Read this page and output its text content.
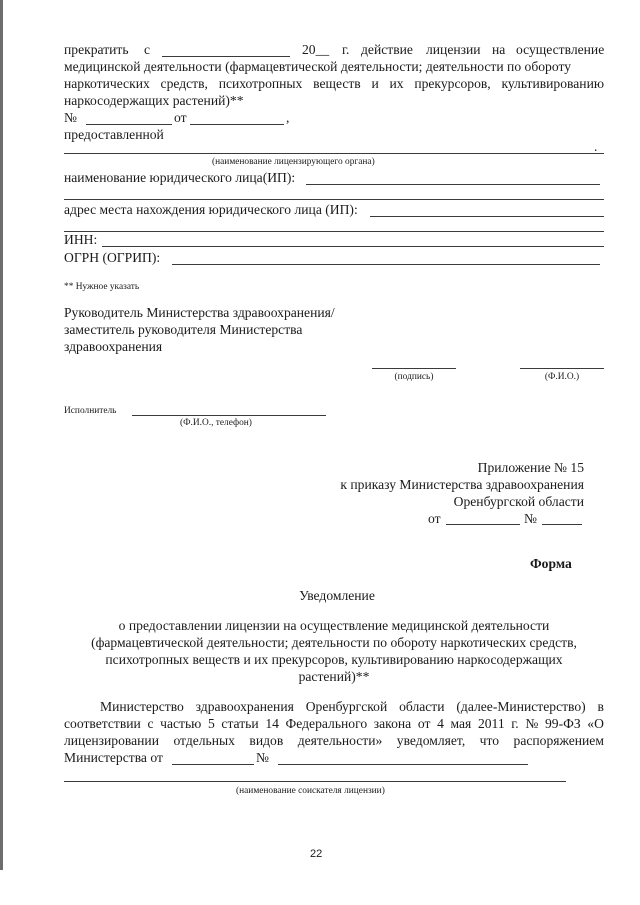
прекратить с	20__ г. действие лицензии на осуществление
медицинской деятельности (фармацевтической деятельности; деятельности по обороту
наркотических средств, психотропных веществ и их прекурсоров, культивированию
наркосодержащих растений)**
№	от	,
предоставленной
.
(наименование лицензирующего органа)
наименование юридического лица(ИП):
адрес места нахождения юридического лица (ИП):
ИНН:
ОГРН (ОГРИП):
** Нужное указать
Руководитель Министерства здравоохранения/
заместитель руководителя Министерства
здравоохранения
(подпись)	(Ф.И.О.)
Исполнитель
(Ф.И.О., телефон)
Приложение № 15
к приказу Министерства здравоохранения
Оренбургской области
от	№
Форма
Уведомление
о предоставлении лицензии на осуществление медицинской деятельности
(фармацевтической деятельности; деятельности по обороту наркотических средств,
психотропных веществ и их прекурсоров, культивированию наркосодержащих
растений)**
Министерство здравоохранения Оренбургской области (далее-Министерство) в
соответствии с частью 5 статьи 14 Федерального закона от 4 мая 2011 г. № 99-ФЗ «О
лицензировании отдельных видов деятельности» уведомляет, что распоряжением
Министерства от	№
(наименование соискателя лицензии)
22
